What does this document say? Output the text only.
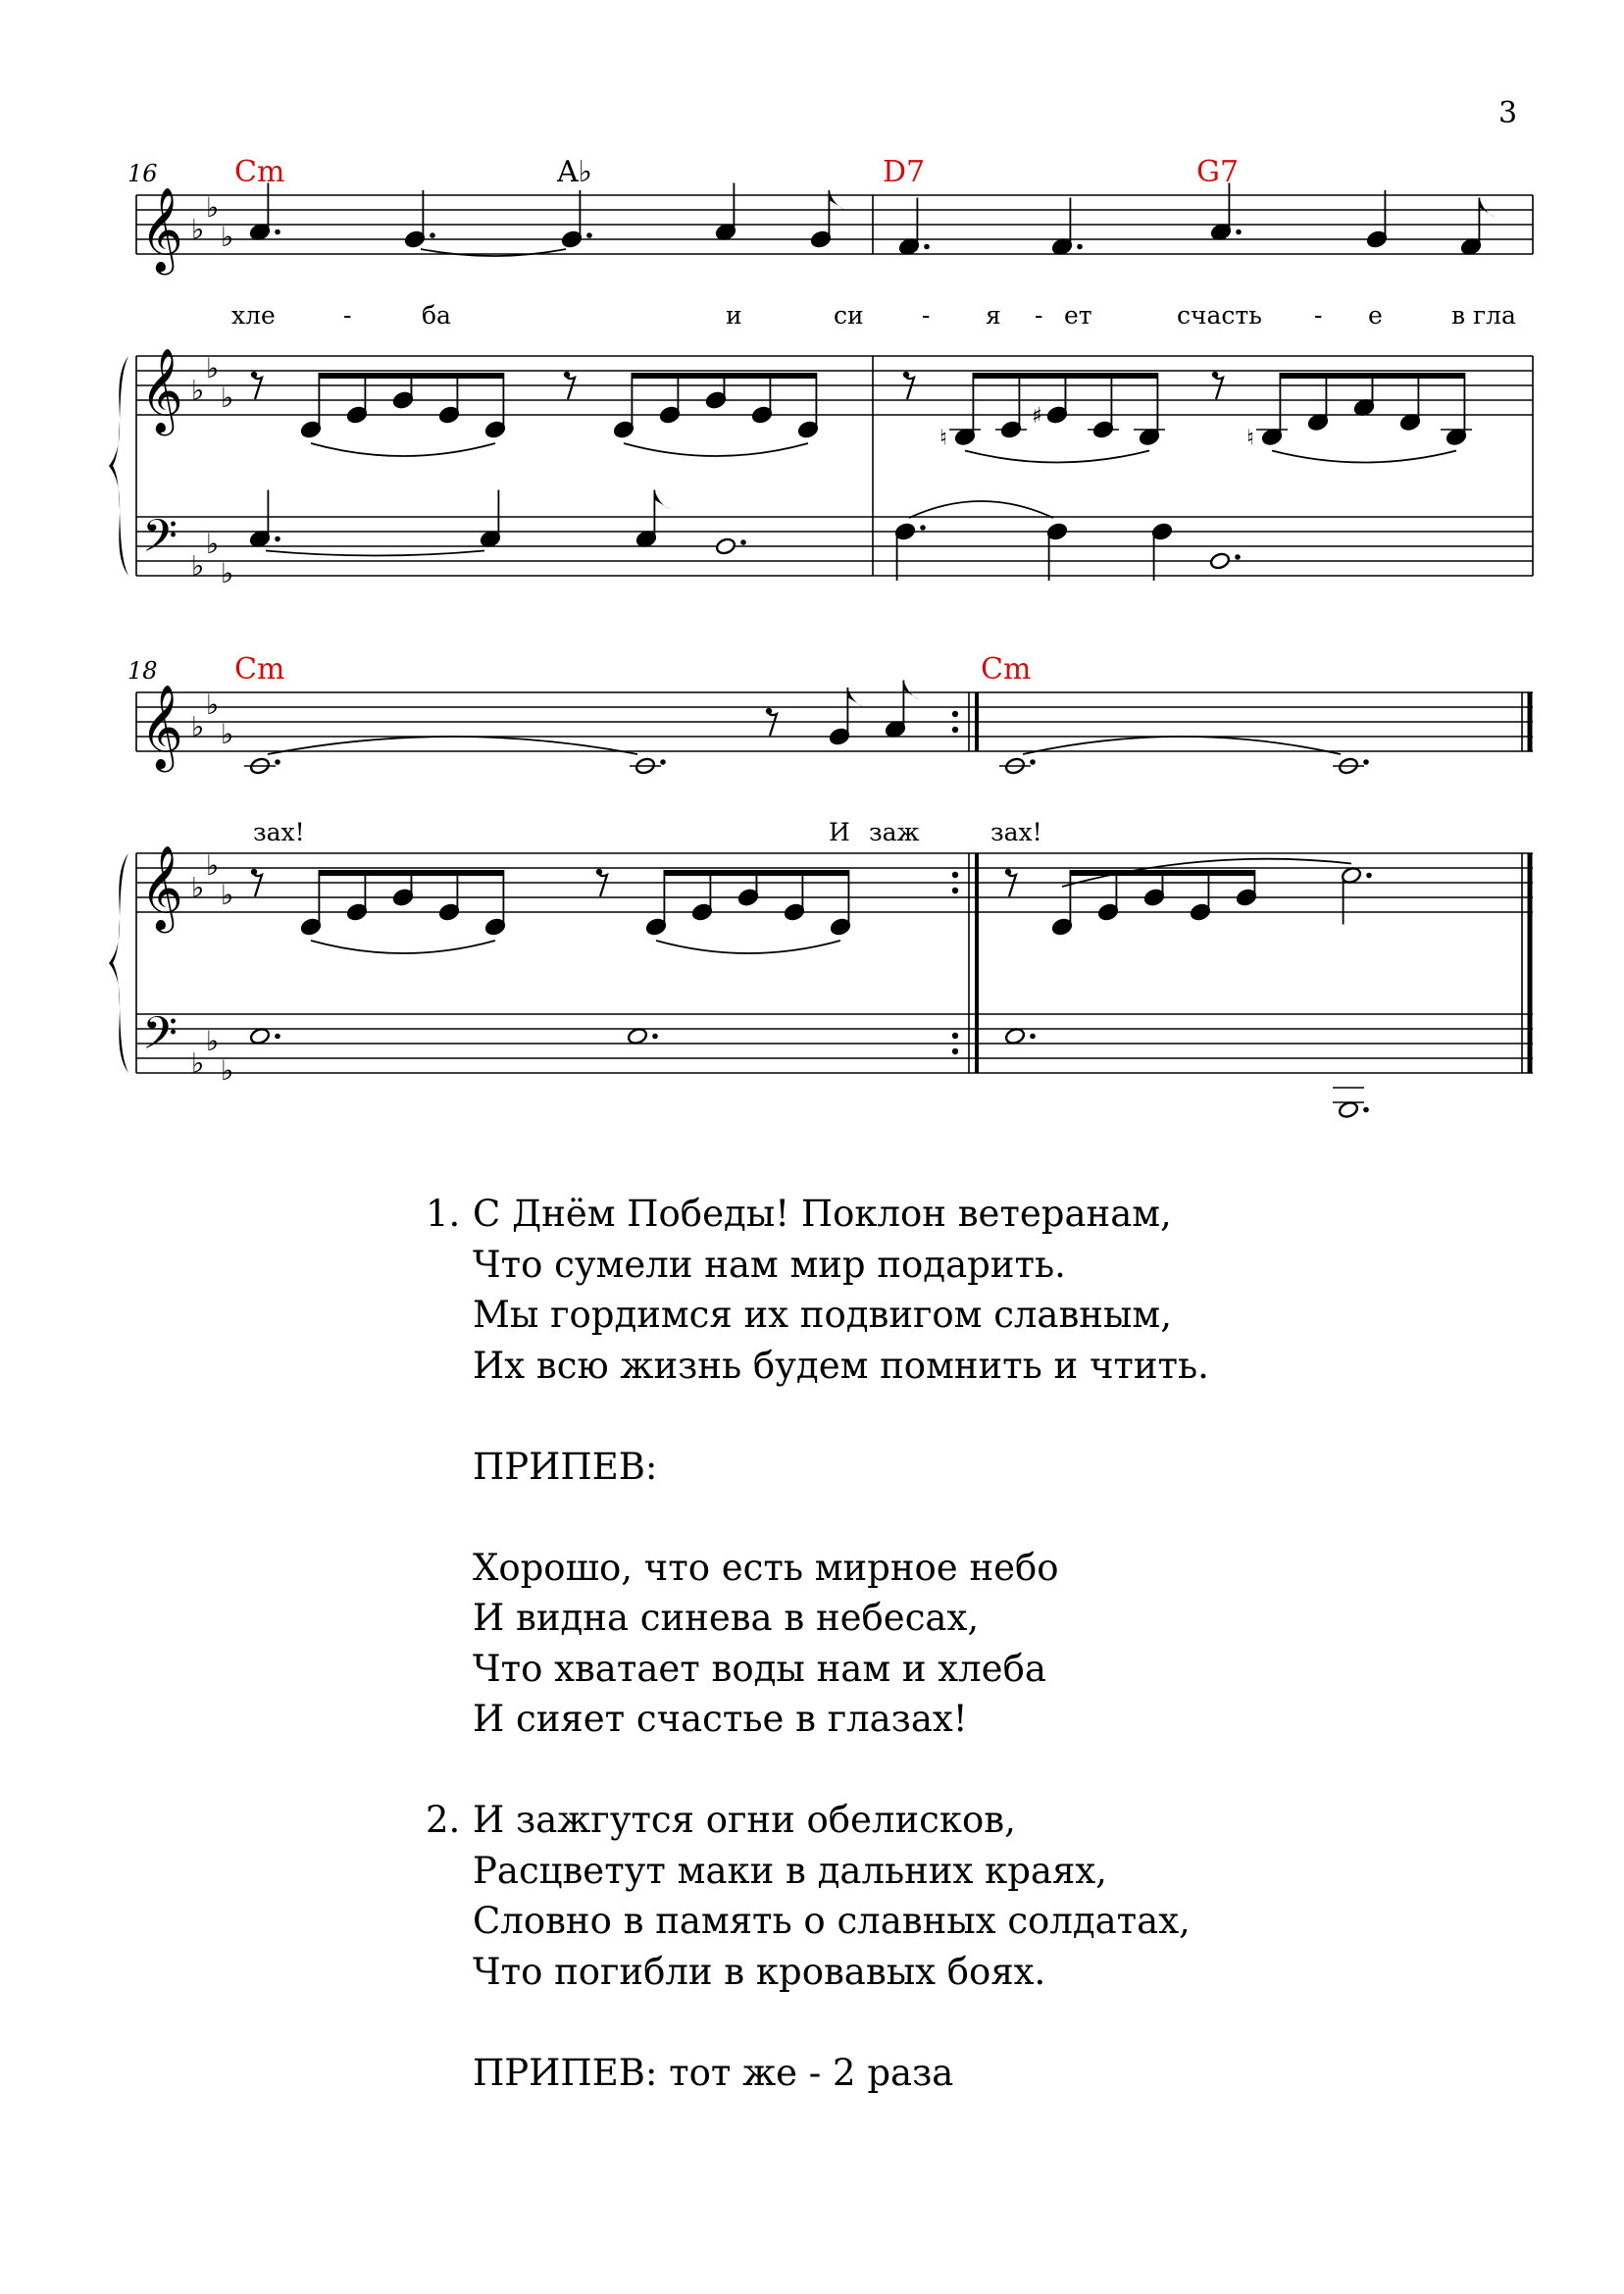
3
16	Cm	A♭	D7	G7
𝄞 ♭
♭
♭
𝄞 ♭
♭
♭
𝄢 ♭
♭
♭
хле	-	ба	и	си - я - ет	счасть - е	в гла
♮
♯
♮
18	Cm	Cm
𝄞 ♭
♭
♭
𝄞 ♭
♭
♭
𝄢 ♭
♭
♭
зах!	И заж	зах!
1. С Днём Победы! Поклон ветеранам,
Что сумели нам мир подарить.
Мы гордимся их подвигом славным,
Их всю жизнь будем помнить и чтить.
ПРИПЕВ:
Хорошо, что есть мирное небо
И видна синева в небесах,
Что хватает воды нам и хлеба
И сияет счастье в глазах!
2. И зажгутся огни обелисков,
Расцветут маки в дальних краях,
Словно в память о славных солдатах,
Что погибли в кровавых боях.
ПРИПЕВ: тот же - 2 раза
